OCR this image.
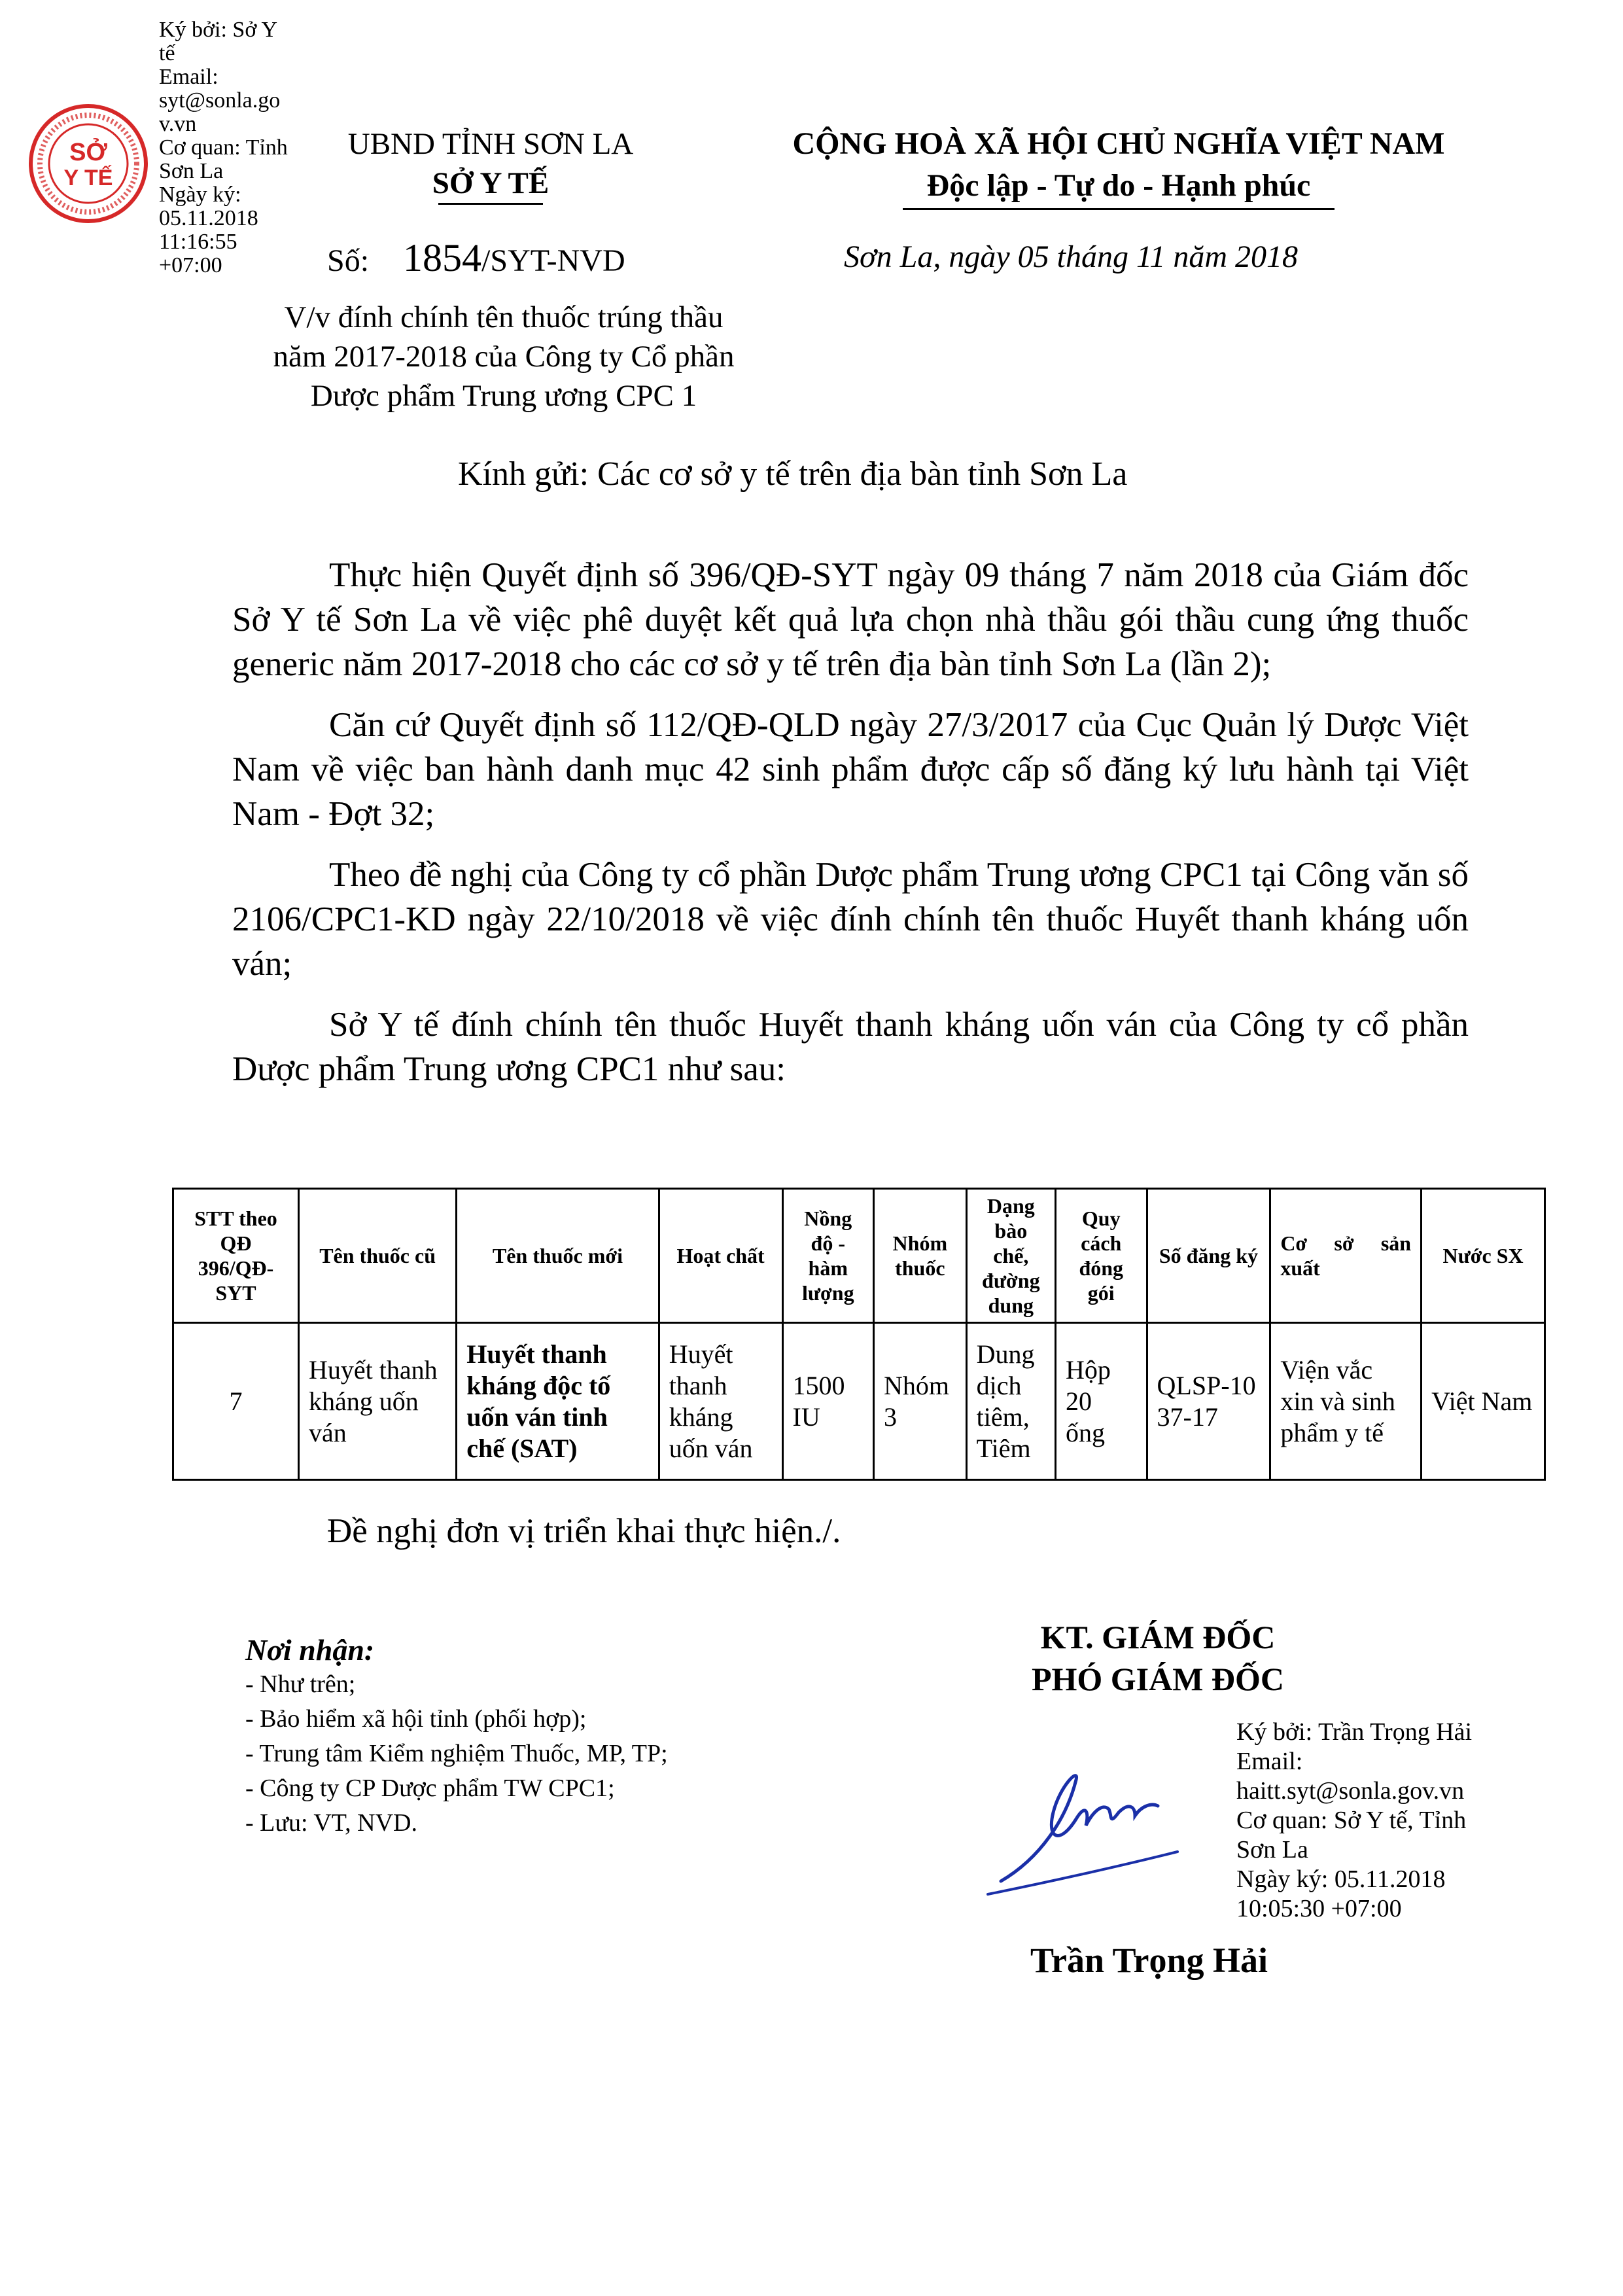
SỞ
Y TẾ
Ký bởi: Sở Y
tế
Email:
syt@sonla.go
v.vn
Cơ quan: Tỉnh
Sơn La
Ngày ký:
05.11.2018
11:16:55
+07:00
UBND TỈNH SƠN LA
SỞ Y TẾ
CỘNG HOÀ XÃ HỘI CHỦ NGHĨA VIỆT NAM
Độc lập - Tự do - Hạnh phúc
Số: 1854/SYT-NVD	Sơn La, ngày 05 tháng 11 năm 2018
V/v đính chính tên thuốc trúng thầu
năm 2017-2018 của Công ty Cổ phần
Dược phẩm Trung ương CPC 1
Kính gửi: Các cơ sở y tế trên địa bàn tỉnh Sơn La

Thực hiện Quyết định số 396/QĐ-SYT ngày 09 tháng 7 năm 2018 của Giám đốc Sở Y tế Sơn La về việc phê duyệt kết quả lựa chọn nhà thầu gói thầu cung ứng thuốc generic năm 2017-2018 cho các cơ sở y tế trên địa bàn tỉnh Sơn La (lần 2);

Căn cứ Quyết định số 112/QĐ-QLD ngày 27/3/2017 của Cục Quản lý Dược Việt Nam về việc ban hành danh mục 42 sinh phẩm được cấp số đăng ký lưu hành tại Việt Nam - Đợt 32;

Theo đề nghị của Công ty cổ phần Dược phẩm Trung ương CPC1 tại Công văn số 2106/CPC1-KD ngày 22/10/2018 về việc đính chính tên thuốc Huyết thanh kháng uốn ván;

Sở Y tế đính chính tên thuốc Huyết thanh kháng uốn ván của Công ty cổ phần Dược phẩm Trung ương CPC1 như sau:

STT theo QĐ 396/QĐ-SYT	Tên thuốc cũ	Tên thuốc mới	Hoạt chất	Nồng độ - hàm lượng	Nhóm thuốc	Dạng bào chế, đường dung	Quy cách đóng gói	Số đăng ký	Cơ sở sản xuất	Nước SX
7	Huyết thanh kháng uốn ván	Huyết thanh kháng độc tố uốn ván tinh chế (SAT)	Huyết thanh kháng uốn ván	1500 IU	Nhóm 3	Dung dịch tiêm, Tiêm	Hộp 20 ống	QLSP-1037-17	Viện vắc xin và sinh phẩm y tế	Việt Nam
Đề nghị đơn vị triển khai thực hiện./.
Nơi nhận:
- Như trên;
- Bảo hiểm xã hội tỉnh (phối hợp);
- Trung tâm Kiểm nghiệm Thuốc, MP, TP;
- Công ty CP Dược phẩm TW CPC1;
- Lưu: VT, NVD.
KT. GIÁM ĐỐC
PHÓ GIÁM ĐỐC
Ký bởi: Trần Trọng Hải
Email:
haitt.syt@sonla.gov.vn
Cơ quan: Sở Y tế, Tỉnh
Sơn La
Ngày ký: 05.11.2018
10:05:30 +07:00
Trần Trọng Hải
